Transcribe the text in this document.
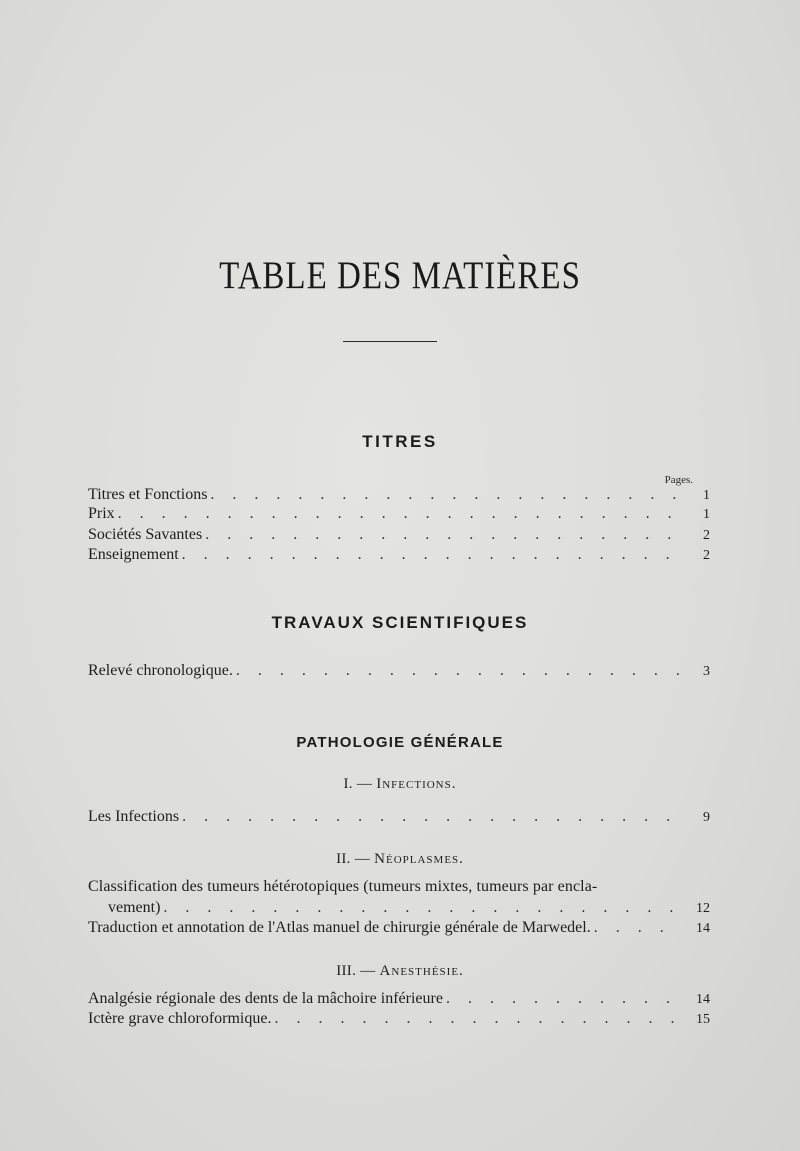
TABLE DES MATIÈRES
TITRES
Pages.
Titres et Fonctions . . .	1
Prix . . .	1
Sociétés Savantes . . .	2
Enseignement . . .	2
TRAVAUX SCIENTIFIQUES
Relevé chronologique. . . .	3
PATHOLOGIE GÉNÉRALE
I. — Infections.
Les Infections . . .	9
II. — Néoplasmes.
Classification des tumeurs hétérotopiques (tumeurs mixtes, tumeurs par encla-
vement) . . .	12
Traduction et annotation de l'Atlas manuel de chirurgie générale de Marwedel. . . .	14
III. — Anesthésie.
Analgésie régionale des dents de la mâchoire inférieure . . .	14
Ictère grave chloroformique. . . .	15
